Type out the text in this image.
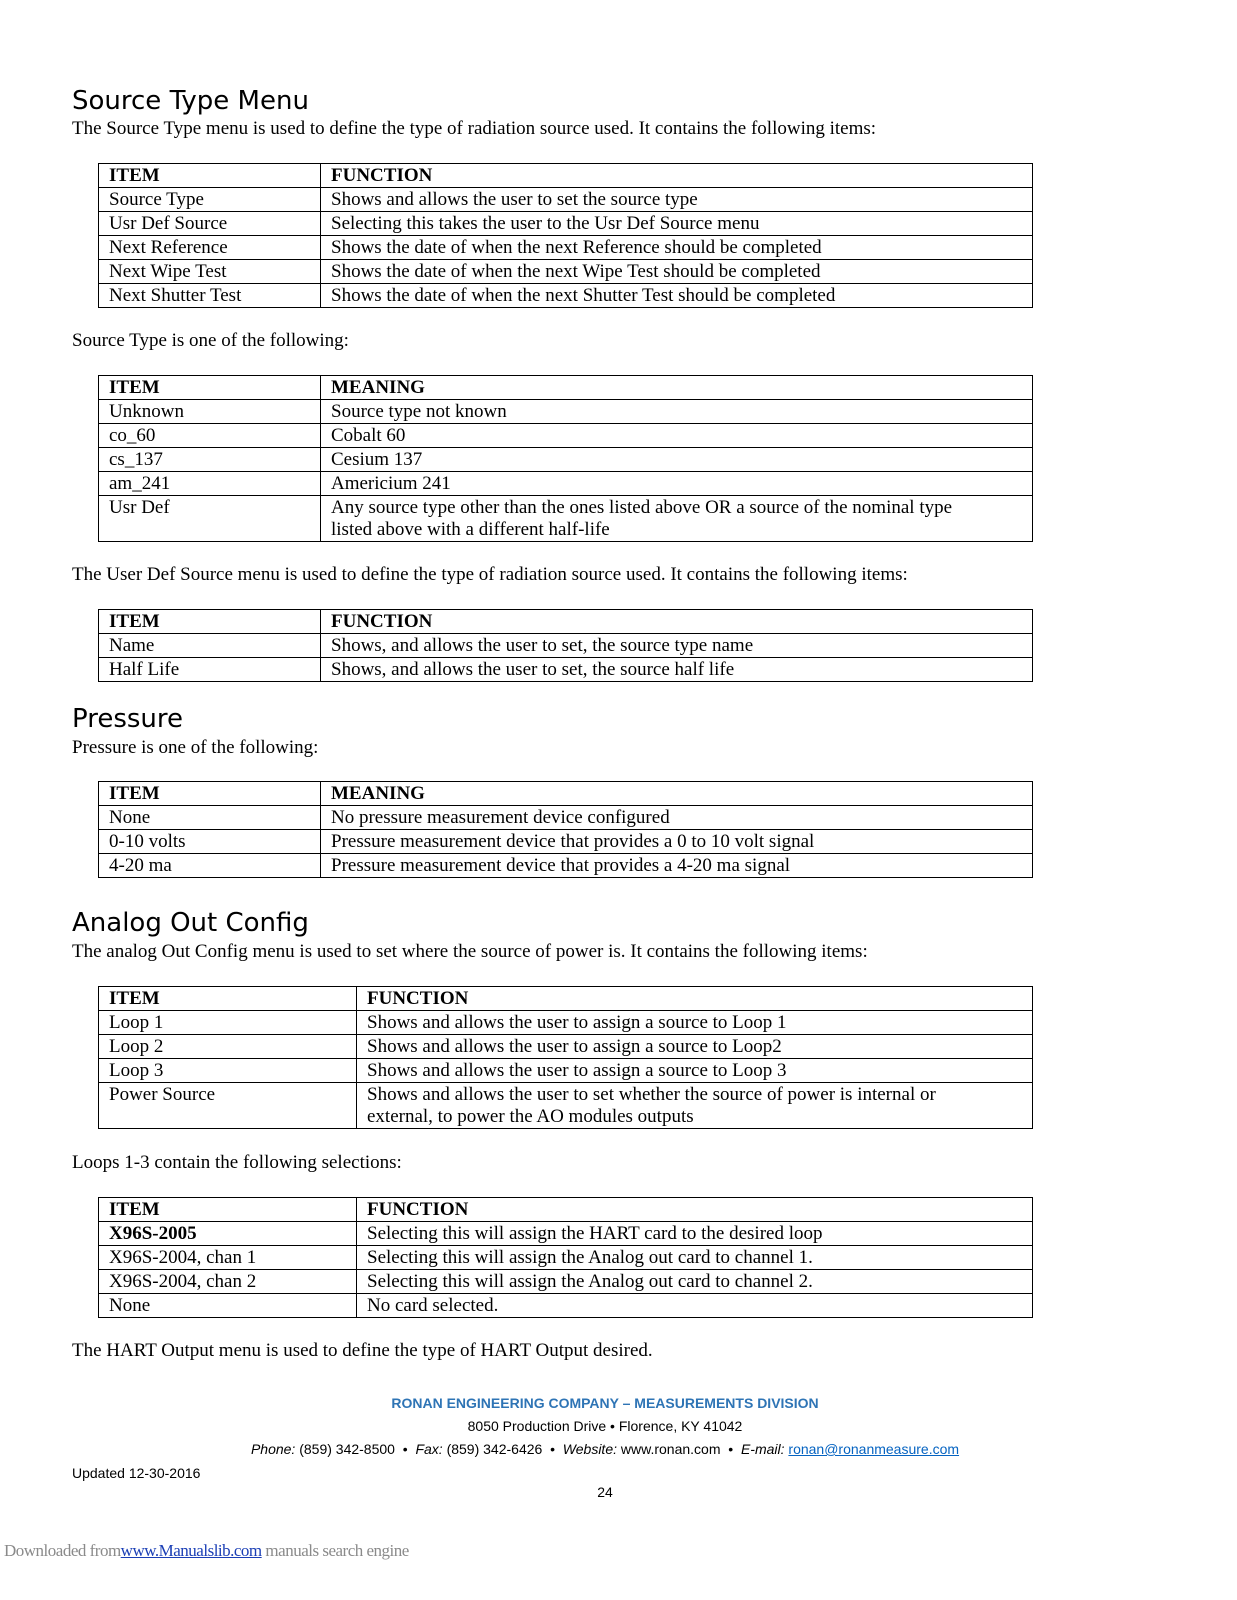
Source Type Menu
The Source Type menu is used to define the type of radiation source used. It contains the following items:
ITEM	FUNCTION
Source Type	Shows and allows the user to set the source type
Usr Def Source	Selecting this takes the user to the Usr Def Source menu
Next Reference	Shows the date of when the next Reference should be completed
Next Wipe Test	Shows the date of when the next Wipe Test should be completed
Next Shutter Test	Shows the date of when the next Shutter Test should be completed
Source Type is one of the following:
ITEM	MEANING
Unknown	Source type not known
co_60	Cobalt 60
cs_137	Cesium 137
am_241	Americium 241
Usr Def	Any source type other than the ones listed above OR a source of the nominal type listed above with a different half-life
The User Def Source menu is used to define the type of radiation source used. It contains the following items:
ITEM	FUNCTION
Name	Shows, and allows the user to set, the source type name
Half Life	Shows, and allows the user to set, the source half life
Pressure
Pressure is one of the following:
ITEM	MEANING
None	No pressure measurement device configured
0-10 volts	Pressure measurement device that provides a 0 to 10 volt signal
4-20 ma	Pressure measurement device that provides a 4-20 ma signal
Analog Out Config
The analog Out Config menu is used to set where the source of power is. It contains the following items:
ITEM	FUNCTION
Loop 1	Shows and allows the user to assign a source to Loop 1
Loop 2	Shows and allows the user to assign a source to Loop2
Loop 3	Shows and allows the user to assign a source to Loop 3
Power Source	Shows and allows the user to set whether the source of power is internal or external, to power the AO modules outputs
Loops 1-3 contain the following selections:
ITEM	FUNCTION
X96S-2005	Selecting this will assign the HART card to the desired loop
X96S-2004, chan 1	Selecting this will assign the Analog out card to channel 1.
X96S-2004, chan 2	Selecting this will assign the Analog out card to channel 2.
None	No card selected.
The HART Output menu is used to define the type of HART Output desired.
RONAN ENGINEERING COMPANY – MEASUREMENTS DIVISION
8050 Production Drive • Florence, KY 41042
Phone: (859) 342-8500 • Fax: (859) 342-6426 • Website: www.ronan.com • E-mail: ronan@ronanmeasure.com
Updated 12-30-2016
24
Downloaded fromwww.Manualslib.com manuals search engine
